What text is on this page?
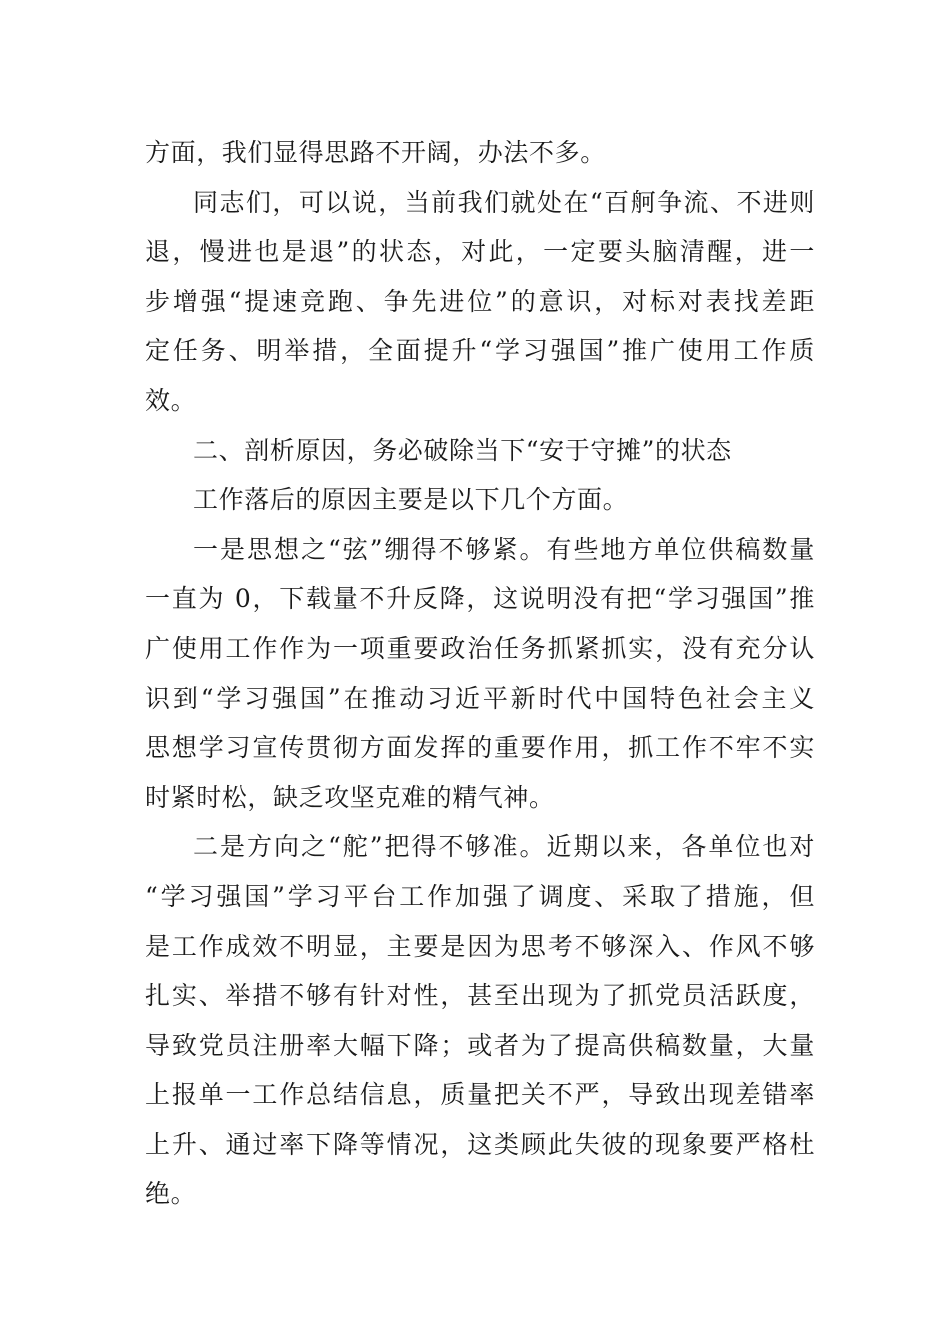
方面，我们显得思路不开阔，办法不多。
同志们，可以说，当前我们就处在“百舸争流、不进则
退，慢进也是退”的状态，对此，一定要头脑清醒，进一
步增强“提速竞跑、争先进位”的意识，对标对表找差距
定任务、明举措，全面提升“学习强国”推广使用工作质
效。
二、剖析原因，务必破除当下“安于守摊”的状态
工作落后的原因主要是以下几个方面。
一是思想之“弦”绷得不够紧。有些地方单位供稿数量
一直为 0，下载量不升反降，这说明没有把“学习强国”推
广使用工作作为一项重要政治任务抓紧抓实，没有充分认
识到“学习强国”在推动习近平新时代中国特色社会主义
思想学习宣传贯彻方面发挥的重要作用，抓工作不牢不实
时紧时松，缺乏攻坚克难的精气神。
二是方向之“舵”把得不够准。近期以来，各单位也对
“学习强国”学习平台工作加强了调度、采取了措施，但
是工作成效不明显，主要是因为思考不够深入、作风不够
扎实、举措不够有针对性，甚至出现为了抓党员活跃度，
导致党员注册率大幅下降；或者为了提高供稿数量，大量
上报单一工作总结信息，质量把关不严，导致出现差错率
上升、通过率下降等情况，这类顾此失彼的现象要严格杜
绝。
